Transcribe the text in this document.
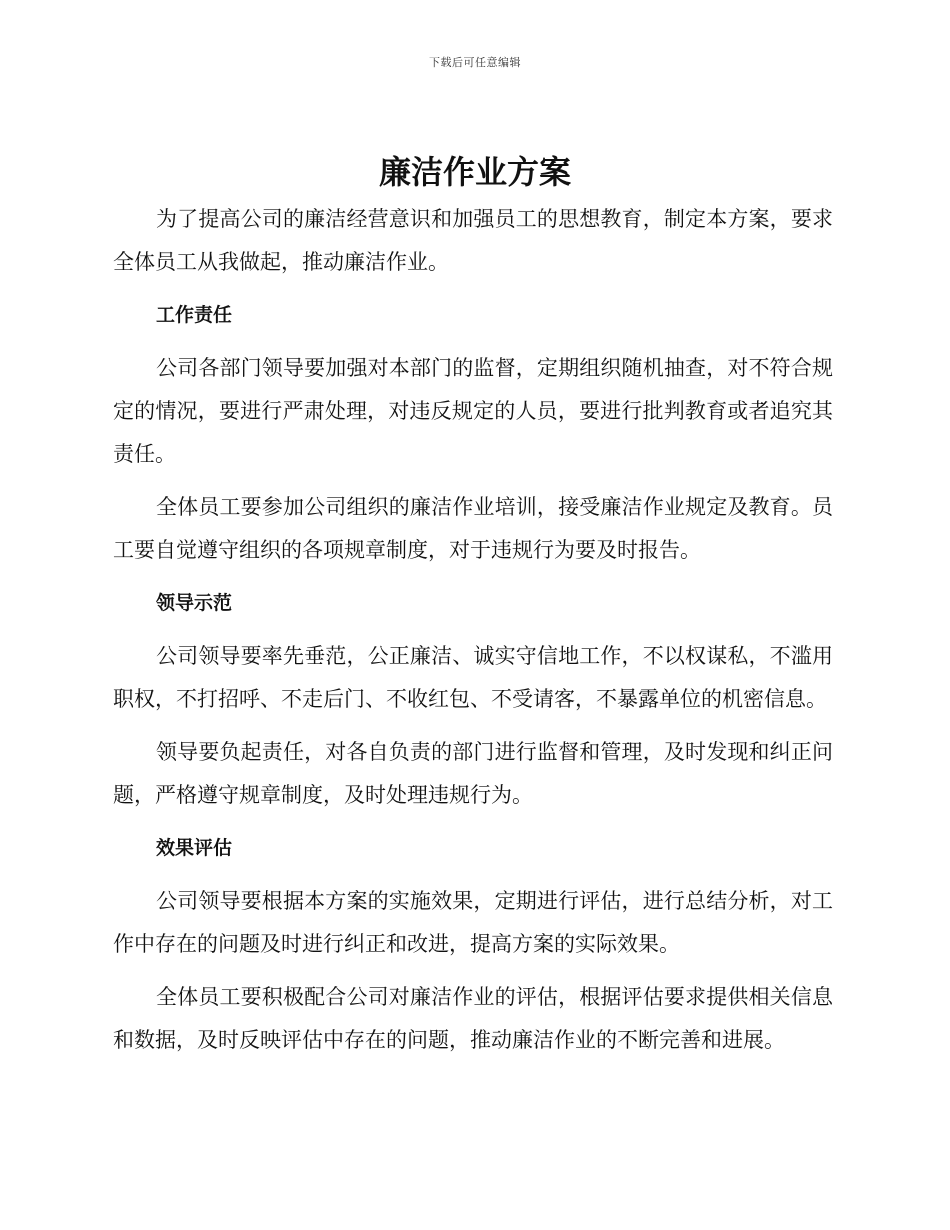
下载后可任意编辑
廉洁作业方案

为了提高公司的廉洁经营意识和加强员工的思想教育，制定本方案，要求全体员工从我做起，推动廉洁作业。

工作责任

公司各部门领导要加强对本部门的监督，定期组织随机抽查，对不符合规定的情况，要进行严肃处理，对违反规定的人员，要进行批判教育或者追究其责任。

全体员工要参加公司组织的廉洁作业培训，接受廉洁作业规定及教育。员工要自觉遵守组织的各项规章制度，对于违规行为要及时报告。

领导示范

公司领导要率先垂范，公正廉洁、诚实守信地工作，不以权谋私，不滥用职权，不打招呼、不走后门、不收红包、不受请客，不暴露单位的机密信息。

领导要负起责任，对各自负责的部门进行监督和管理，及时发现和纠正问题，严格遵守规章制度，及时处理违规行为。

效果评估

公司领导要根据本方案的实施效果，定期进行评估，进行总结分析，对工作中存在的问题及时进行纠正和改进，提高方案的实际效果。

全体员工要积极配合公司对廉洁作业的评估，根据评估要求提供相关信息和数据，及时反映评估中存在的问题，推动廉洁作业的不断完善和进展。
